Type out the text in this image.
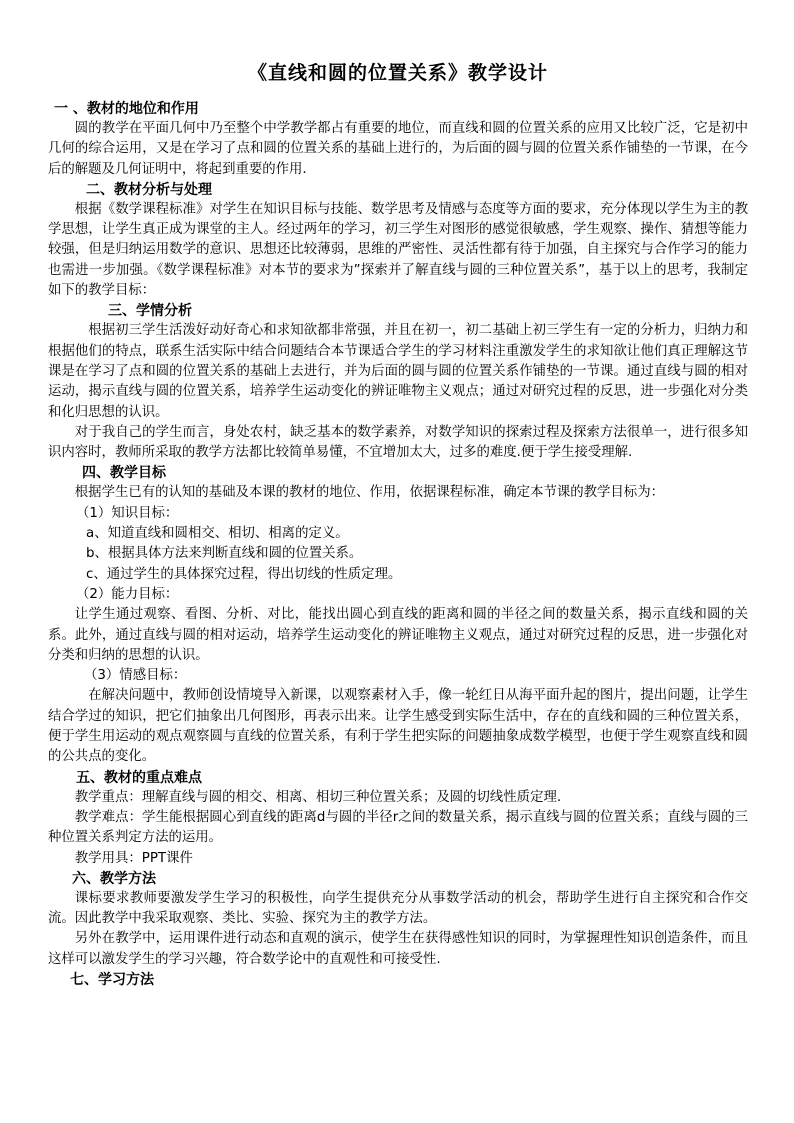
《直线和圆的位置关系》教学设计
一 、教材的地位和作用
圆的教学在平面几何中乃至整个中学教学都占有重要的地位，而直线和圆的位置关系的应用又比较广泛，它是初中几何的综合运用，又是在学习了点和圆的位置关系的基础上进行的，为后面的圆与圆的位置关系作铺垫的一节课，在今后的解题及几何证明中，将起到重要的作用.
二、教材分析与处理
根据《数学课程标准》对学生在知识目标与技能、数学思考及情感与态度等方面的要求，充分体现以学生为主的教学思想，让学生真正成为课堂的主人。经过两年的学习，初三学生对图形的感觉很敏感，学生观察、操作、猜想等能力较强，但是归纳运用数学的意识、思想还比较薄弱，思维的严密性、灵活性都有待于加强，自主探究与合作学习的能力也需进一步加强。《数学课程标准》对本节的要求为”探索并了解直线与圆的三种位置关系”，基于以上的思考，我制定如下的教学目标：
三、学情分析
根据初三学生活泼好动好奇心和求知欲都非常强，并且在初一，初二基础上初三学生有一定的分析力，归纳力和根据他们的特点，联系生活实际中结合问题结合本节课适合学生的学习材料注重激发学生的求知欲让他们真正理解这节课是在学习了点和圆的位置关系的基础上去进行，并为后面的圆与圆的位置关系作铺垫的一节课。通过直线与圆的相对运动，揭示直线与圆的位置关系，培养学生运动变化的辨证唯物主义观点；通过对研究过程的反思，进一步强化对分类和化归思想的认识。
对于我自己的学生而言，身处农村，缺乏基本的数学素养，对数学知识的探索过程及探索方法很单一，进行很多知识内容时，教师所采取的教学方法都比较简单易懂，不宜增加太大，过多的难度.便于学生接受理解.
四、教学目标
根据学生已有的认知的基础及本课的教材的地位、作用，依据课程标准，确定本节课的教学目标为：
（1）知识目标：
a、知道直线和圆相交、相切、相离的定义。
b、根据具体方法来判断直线和圆的位置关系。
c、通过学生的具体探究过程，得出切线的性质定理。
（2）能力目标：
让学生通过观察、看图、分析、对比，能找出圆心到直线的距离和圆的半径之间的数量关系，揭示直线和圆的关系。此外，通过直线与圆的相对运动，培养学生运动变化的辨证唯物主义观点，通过对研究过程的反思，进一步强化对分类和归纳的思想的认识。
（3）情感目标：
在解决问题中，教师创设情境导入新课，以观察素材入手，像一轮红日从海平面升起的图片，提出问题，让学生结合学过的知识，把它们抽象出几何图形，再表示出来。让学生感受到实际生活中，存在的直线和圆的三种位置关系，便于学生用运动的观点观察圆与直线的位置关系，有利于学生把实际的问题抽象成数学模型，也便于学生观察直线和圆的公共点的变化。
五、教材的重点难点
教学重点：理解直线与圆的相交、相离、相切三种位置关系；及圆的切线性质定理.
教学难点：学生能根据圆心到直线的距离d与圆的半径r之间的数量关系，揭示直线与圆的位置关系；直线与圆的三种位置关系判定方法的运用。
教学用具：PPT课件
六、教学方法
课标要求教师要激发学生学习的积极性，向学生提供充分从事数学活动的机会，帮助学生进行自主探究和合作交流。因此教学中我采取观察、类比、实验、探究为主的教学方法。
另外在教学中，运用课件进行动态和直观的演示，使学生在获得感性知识的同时，为掌握理性知识创造条件，而且这样可以激发学生的学习兴趣，符合数学论中的直观性和可接受性.
七、学习方法
